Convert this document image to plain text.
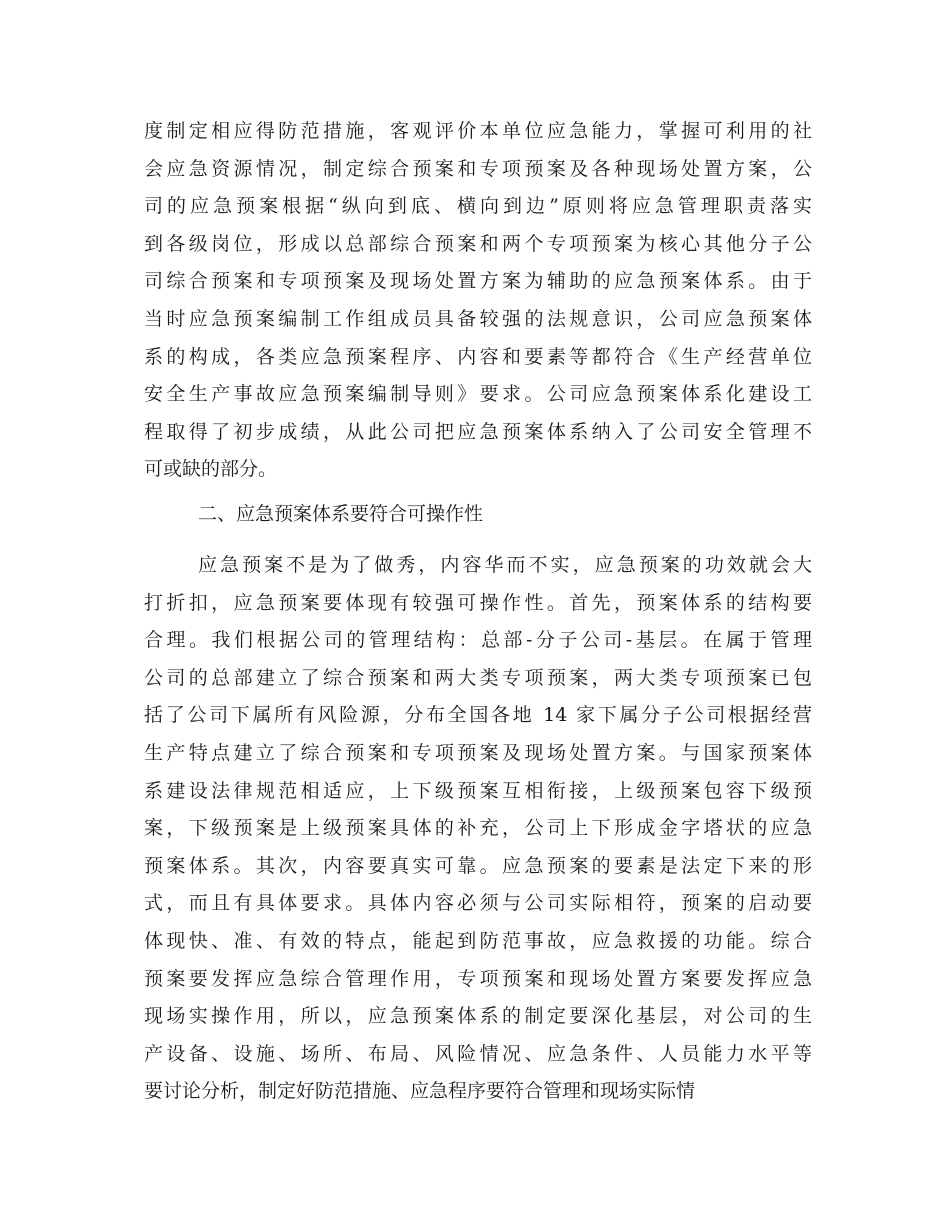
度制定相应得防范措施，客观评价本单位应急能力，掌握可利用的社
会应急资源情况，制定综合预案和专项预案及各种现场处置方案，公
司的应急预案根据“纵向到底、横向到边”原则将应急管理职责落实
到各级岗位，形成以总部综合预案和两个专项预案为核心其他分子公
司综合预案和专项预案及现场处置方案为辅助的应急预案体系。由于
当时应急预案编制工作组成员具备较强的法规意识，公司应急预案体
系的构成，各类应急预案程序、内容和要素等都符合《生产经营单位
安全生产事故应急预案编制导则》要求。公司应急预案体系化建设工
程取得了初步成绩，从此公司把应急预案体系纳入了公司安全管理不
可或缺的部分。
二、应急预案体系要符合可操作性
应急预案不是为了做秀，内容华而不实，应急预案的功效就会大
打折扣，应急预案要体现有较强可操作性。首先，预案体系的结构要
合理。我们根据公司的管理结构：总部-分子公司-基层。在属于管理
公司的总部建立了综合预案和两大类专项预案，两大类专项预案已包
括了公司下属所有风险源，分布全国各地 14 家下属分子公司根据经营
生产特点建立了综合预案和专项预案及现场处置方案。与国家预案体
系建设法律规范相适应，上下级预案互相衔接，上级预案包容下级预
案，下级预案是上级预案具体的补充，公司上下形成金字塔状的应急
预案体系。其次，内容要真实可靠。应急预案的要素是法定下来的形
式，而且有具体要求。具体内容必须与公司实际相符，预案的启动要
体现快、准、有效的特点，能起到防范事故，应急救援的功能。综合
预案要发挥应急综合管理作用，专项预案和现场处置方案要发挥应急
现场实操作用，所以，应急预案体系的制定要深化基层，对公司的生
产设备、设施、场所、布局、风险情况、应急条件、人员能力水平等
要讨论分析，制定好防范措施、应急程序要符合管理和现场实际情
